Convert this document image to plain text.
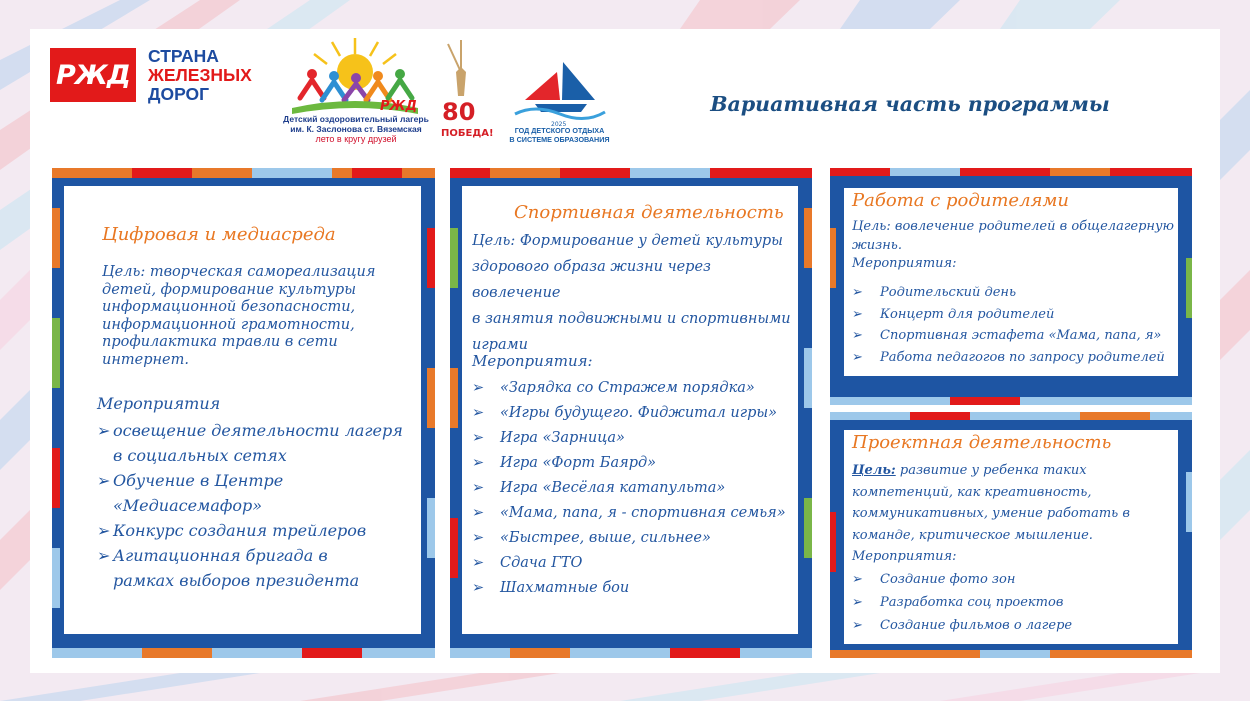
РЖД
СТРАНА
ЖЕЛЕЗНЫХ
ДОРОГ
РЖД
Детский оздоровительный лагерь
им. К. Заслонова ст. Вяземская
лето в кругу друзей
80
ПОБЕДА!
2025
ГОД ДЕТСКОГО ОТДЫХА
В СИСТЕМЕ ОБРАЗОВАНИЯ
Вариативная часть программы
Цифровая и медиасреда
Цель: творческая самореализация
детей, формирование культуры
информационной безопасности,
информационной грамотности,
профилактика травли в сети
интернет.
Мероприятия
➢ освещение деятельности лагеря
в социальных сетях
➢ Обучение в Центре
«Медиасемафор»
➢ Конкурс создания трейлеров
➢ Агитационная бригада в
рамках выборов президента
Спортивная деятельность
Цель: Формирование у детей культуры
здорового образа жизни через вовлечение
в занятия подвижными и спортивными
играми
Мероприятия:
➢ «Зарядка со Стражем порядка»
➢ «Игры будущего. Фиджитал игры»
➢ Игра «Зарница»
➢ Игра «Форт Баярд»
➢ Игра «Весёлая катапульта»
➢ «Мама, папа, я - спортивная семья»
➢ «Быстрее, выше, сильнее»
➢ Сдача ГТО
➢ Шахматные бои
Работа с родителями
Цель: вовлечение родителей в общелагерную
жизнь.
Мероприятия:
➢ Родительский день
➢ Концерт для родителей
➢ Спортивная эстафета «Мама, папа, я»
➢ Работа педагогов по запросу родителей
Проектная деятельность
Цель: развитие у ребенка таких
компетенций, как креативность,
коммуникативных, умение работать в
команде, критическое мышление.
Мероприятия:
➢ Создание фото зон
➢ Разработка соц проектов
➢ Создание фильмов о лагере
